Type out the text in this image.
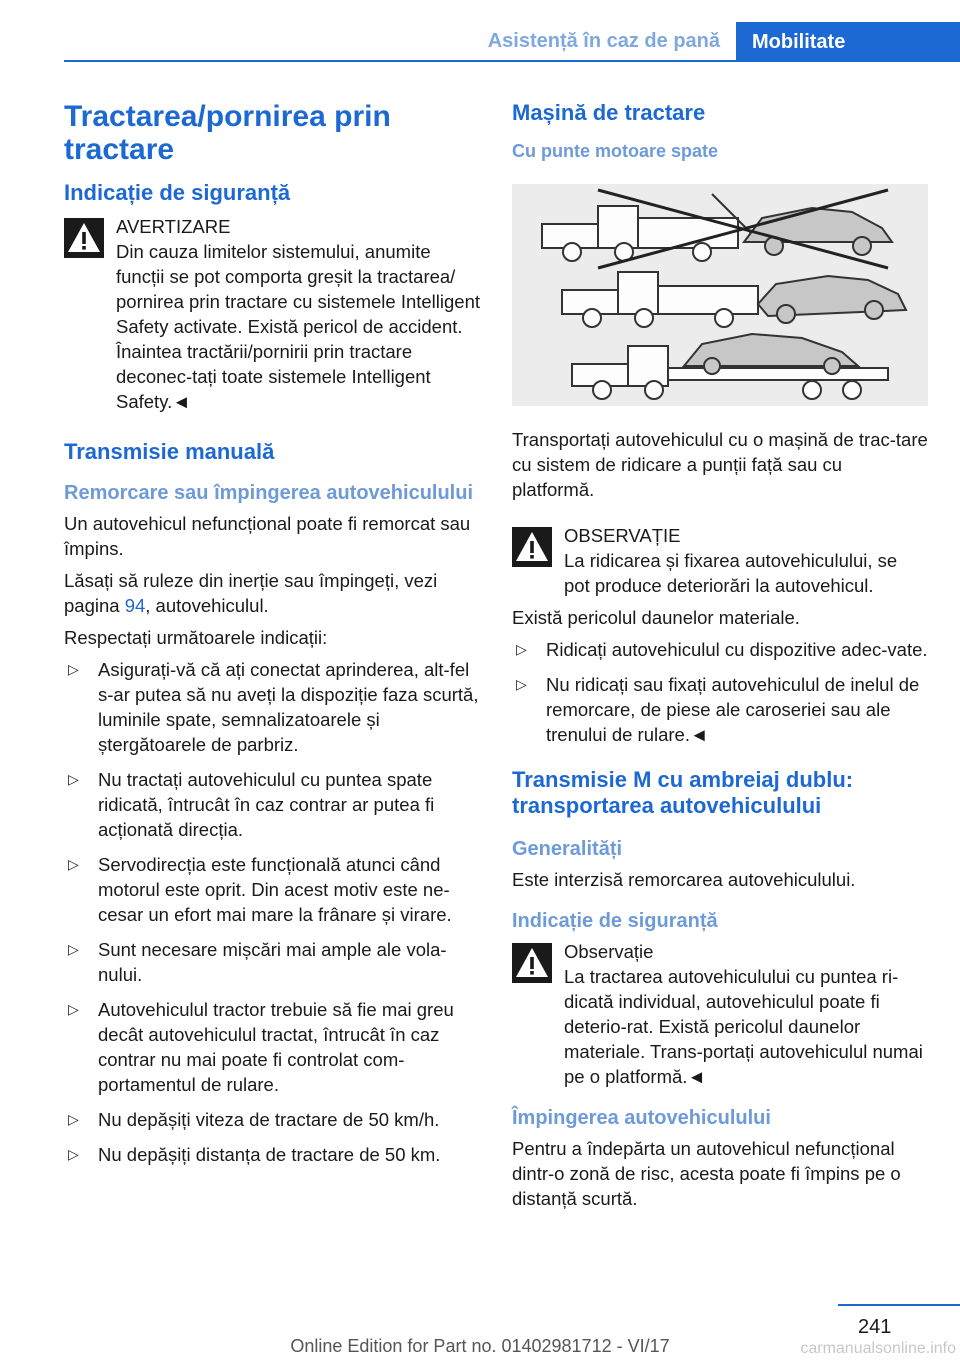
Asistență în caz de pană	Mobilitate
Tractarea/pornirea prin tractare
Indicație de siguranță
AVERTIZARE
Din cauza limitelor sistemului, anumite funcții se pot comporta greșit la tractarea/ pornirea prin tractare cu sistemele Intelligent Safety activate. Există pericol de accident. Înaintea tractării/pornirii prin tractare deconec-tați toate sistemele Intelligent Safety.◄
Transmisie manuală
Remorcare sau împingerea autovehiculului
Un autovehicul nefuncțional poate fi remorcat sau împins.
Lăsați să ruleze din inerție sau împingeți, vezi pagina 94, autovehiculul.
Respectați următoarele indicații:
▷ Asigurați-vă că ați conectat aprinderea, alt-fel s-ar putea să nu aveți la dispoziție faza scurtă, luminile spate, semnalizatoarele și ștergătoarele de parbriz.
▷ Nu tractați autovehiculul cu puntea spate ridicată, întrucât în caz contrar ar putea fi acționată direcția.
▷ Servodirecția este funcțională atunci când motorul este oprit. Din acest motiv este ne-cesar un efort mai mare la frânare și virare.
▷ Sunt necesare mișcări mai ample ale vola-nului.
▷ Autovehiculul tractor trebuie să fie mai greu decât autovehiculul tractat, întrucât în caz contrar nu mai poate fi controlat com-portamentul de rulare.
▷ Nu depășiți viteza de tractare de 50 km/h.
▷ Nu depășiți distanța de tractare de 50 km.
Mașină de tractare
Cu punte motoare spate
Transportați autovehiculul cu o mașină de trac-tare cu sistem de ridicare a punții față sau cu platformă.
OBSERVAȚIE
La ridicarea și fixarea autovehiculului, se pot produce deteriorări la autovehicul.
Există pericolul daunelor materiale.
▷ Ridicați autovehiculul cu dispozitive adec-vate.
▷ Nu ridicați sau fixați autovehiculul de inelul de remorcare, de piese ale caroseriei sau ale trenului de rulare.◄
Transmisie M cu ambreiaj dublu: transportarea autovehiculului
Generalități
Este interzisă remorcarea autovehiculului.
Indicație de siguranță
Observație
La tractarea autovehiculului cu puntea ri-dicată individual, autovehiculul poate fi deterio-rat. Există pericolul daunelor materiale. Trans-portați autovehiculul numai pe o platformă.◄
Împingerea autovehiculului
Pentru a îndepărta un autovehicul nefuncțional dintr-o zonă de risc, acesta poate fi împins pe o distanță scurtă.
241
Online Edition for Part no. 01402981712 - VI/17	carmanualsonline.info
